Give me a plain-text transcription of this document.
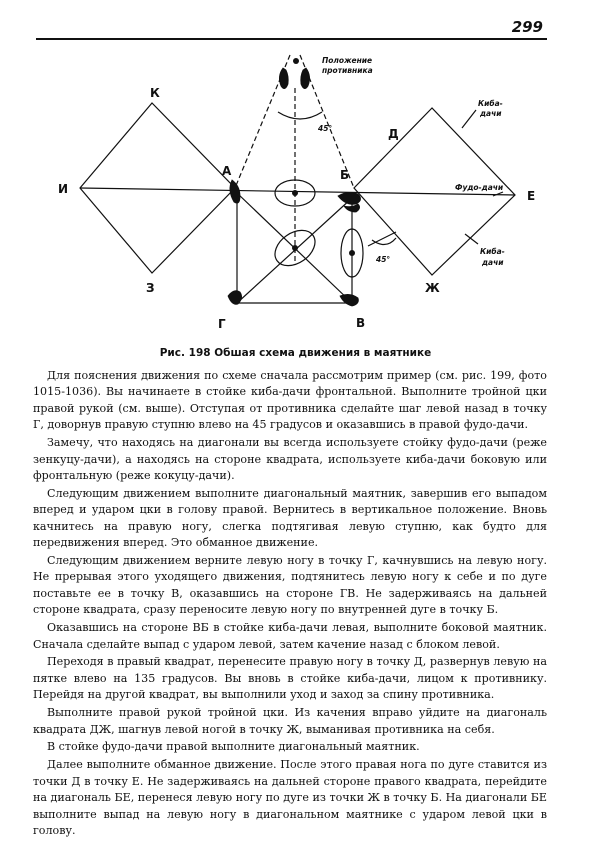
299
К
И
З
А	Б
В
Г
Д
Е
Ж
Положение
противника
Киба-
дачи
Фудо-дачи
Киба-
дачи
45°
45°
Рис. 198 Обшая схема движения в маятнике

Для пояснения движения по схеме сначала рассмотрим пример (см. рис. 199, фото 1015-1036). Вы начинаете в стойке киба-дачи фронтальной. Выполните тройной цки правой рукой (см. выше). Отступая от противника сделайте шаг левой назад в точку Г, доворнув правую ступню влево на 45 градусов и оказавшись в правой фудо-дачи.

Замечу, что находясь на диагонали вы всегда используете стойку фудо-дачи (реже зенкуцу-дачи), а находясь на стороне квадрата, используете киба-дачи боковую или фронтальную (реже кокуцу-дачи).

Следующим движением выполните диагональный маятник, завершив его выпадом вперед и ударом цки в голову правой. Вернитесь в вертикальное положение. Вновь качнитесь на правую ногу, слегка подтягивая левую ступню, как будто для передвижения вперед. Это обманное движение.

Следующим движением верните левую ногу в точку Г, качнувшись на левую ногу. Не прерывая этого уходящего движения, подтянитесь левую ногу к себе и по дуге поставьте ее в точку В, оказавшись на стороне ГВ. Не задерживаясь на дальней стороне квадрата, сразу переносите левую ногу по внутренней дуге в точку Б.

Оказавшись на стороне ВБ в стойке киба-дачи левая, выполните боковой маятник. Сначала сделайте выпад с ударом левой, затем качение назад с блоком левой.

Переходя в правый квадрат, перенесите правую ногу в точку Д, развернув левую на пятке влево на 135 градусов. Вы вновь в стойке киба-дачи, лицом к противнику. Перейдя на другой квадрат, вы выполнили уход и заход за спину противника.

Выполните правой рукой тройной цки. Из качения вправо уйдите на диагональ квадрата ДЖ, шагнув левой ногой в точку Ж, выманивая противника на себя.

В стойке фудо-дачи правой выполните диагональный маятник.

Далее выполните обманное движение. После этого правая нога по дуге ставится из точки Д в точку Е. Не задерживаясь на дальней стороне правого квадрата, перейдите на диагональ БЕ, перенеся левую ногу по дуге из точки Ж в точку Б. На диагонали БЕ выполните выпад на левую ногу в диагональном маятнике с ударом левой цки в голову.
